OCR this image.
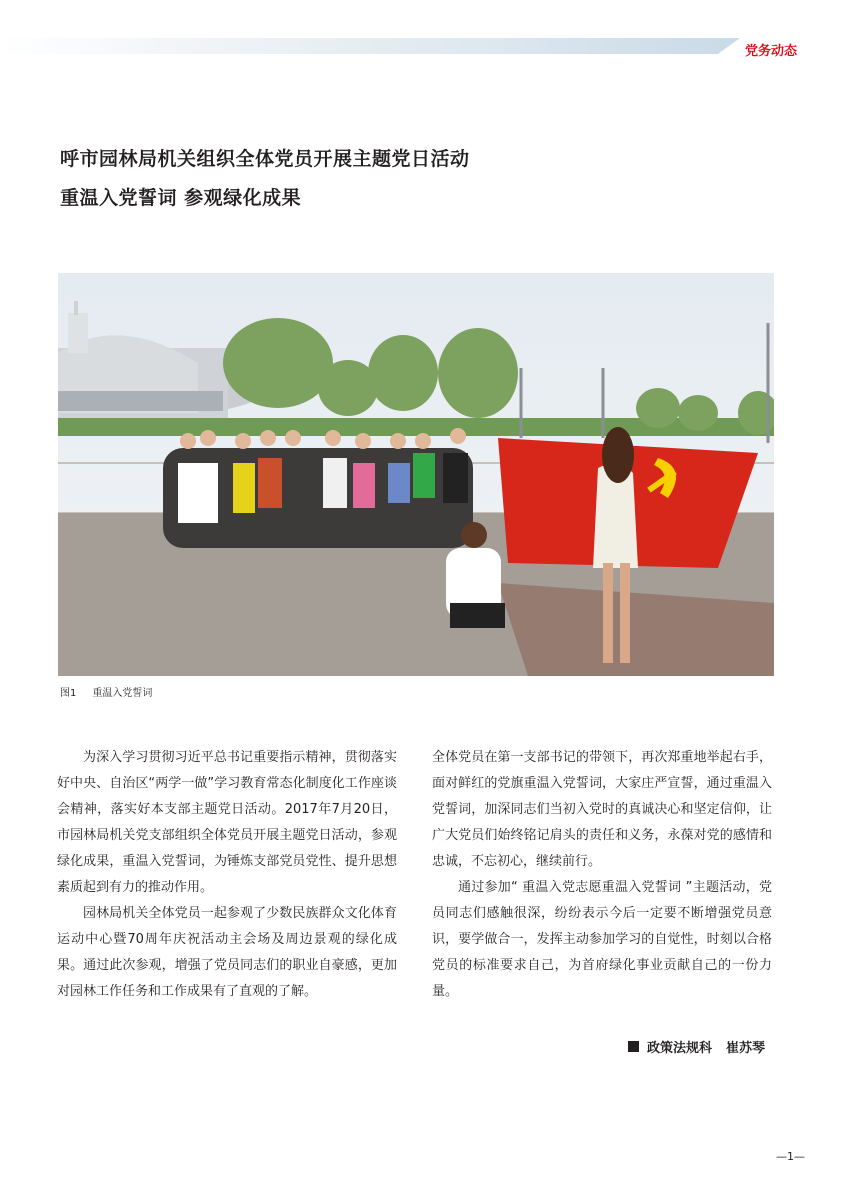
党务动态
呼市园林局机关组织全体党员开展主题党日活动
重温入党誓词 参观绿化成果
图1 重温入党誓词

为深入学习贯彻习近平总书记重要指示精神，贯彻落实好中央、自治区“两学一做”学习教育常态化制度化工作座谈会精神，落实好本支部主题党日活动。2017年7月20日，市园林局机关党支部组织全体党员开展主题党日活动，参观绿化成果，重温入党誓词，为锤炼支部党员党性、提升思想素质起到有力的推动作用。

园林局机关全体党员一起参观了少数民族群众文化体育运动中心暨70周年庆祝活动主会场及周边景观的绿化成果。通过此次参观，增强了党员同志们的职业自豪感，更加对园林工作任务和工作成果有了直观的了解。

全体党员在第一支部书记的带领下，再次郑重地举起右手，面对鲜红的党旗重温入党誓词，大家庄严宣誓，通过重温入党誓词，加深同志们当初入党时的真诚决心和坚定信仰，让广大党员们始终铭记肩头的责任和义务，永葆对党的感情和忠诚，不忘初心，继续前行。

通过参加“ 重温入党志愿重温入党誓词 ”主题活动，党员同志们感触很深，纷纷表示今后一定要不断增强党员意识，要学做合一，发挥主动参加学习的自觉性，时刻以合格党员的标准要求自己，为首府绿化事业贡献自己的一份力量。

政策法规科 崔苏琴
—1—
